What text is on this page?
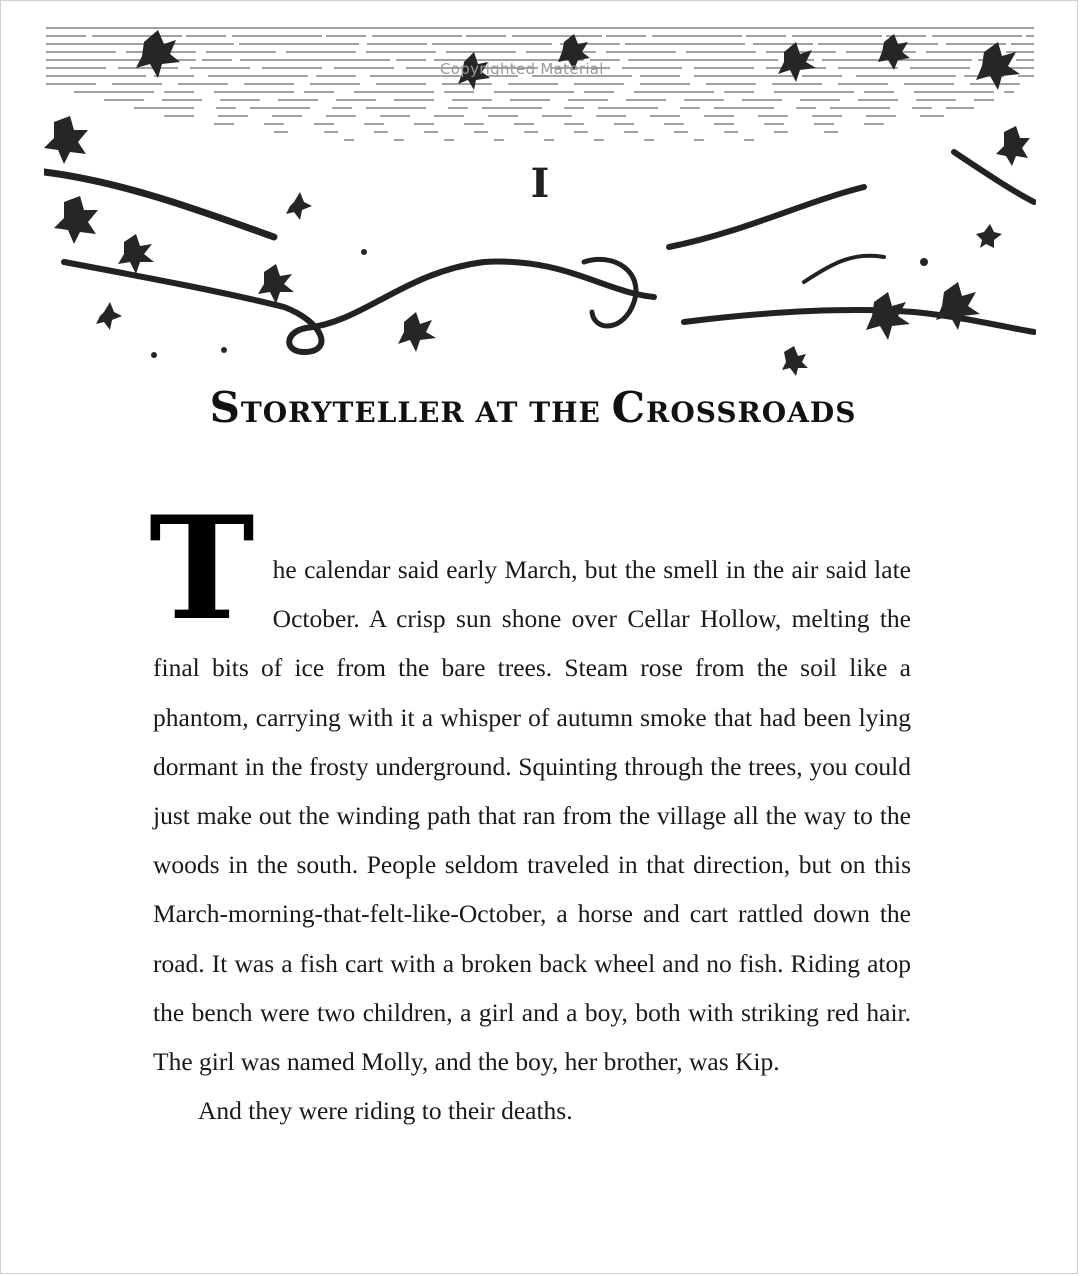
Copyrighted Material
I
STORYTELLER AT THE CROSSROADS
T he calendar said early March, but the smell in the air said late October. A crisp sun shone over Cellar Hollow, melting the final bits of ice from the bare trees. Steam rose from the soil like a phantom, carrying with it a whisper of autumn smoke that had been lying dormant in the frosty underground. Squinting through the trees, you could just make out the winding path that ran from the village all the way to the woods in the south. People seldom traveled in that direction, but on this March-morning-that-felt-like-October, a horse and cart rattled down the road. It was a fish cart with a broken back wheel and no fish. Riding atop the bench were two children, a girl and a boy, both with striking red hair. The girl was named Molly, and the boy, her brother, was Kip.

And they were riding to their deaths.
